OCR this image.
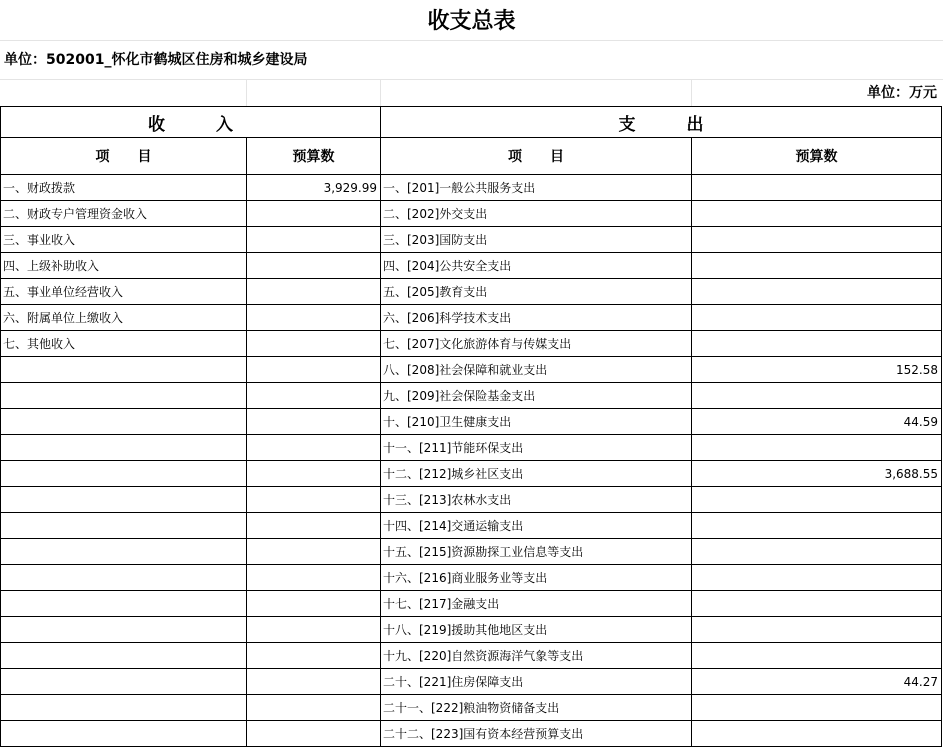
收支总表
单位：502001_怀化市鹤城区住房和城乡建设局
单位：万元
收　　　入		支　　　出	
项　　目	预算数	项　　目	预算数
一、财政拨款	3,929.99	一、[201]一般公共服务支出	
二、财政专户管理资金收入		二、[202]外交支出	
三、事业收入		三、[203]国防支出	
四、上级补助收入		四、[204]公共安全支出	
五、事业单位经营收入		五、[205]教育支出	
六、附属单位上缴收入		六、[206]科学技术支出	
七、其他收入		七、[207]文化旅游体育与传媒支出	
		八、[208]社会保障和就业支出	152.58
		九、[209]社会保险基金支出	
		十、[210]卫生健康支出	44.59
		十一、[211]节能环保支出	
		十二、[212]城乡社区支出	3,688.55
		十三、[213]农林水支出	
		十四、[214]交通运输支出	
		十五、[215]资源勘探工业信息等支出	
		十六、[216]商业服务业等支出	
		十七、[217]金融支出	
		十八、[219]援助其他地区支出	
		十九、[220]自然资源海洋气象等支出	
		二十、[221]住房保障支出	44.27
		二十一、[222]粮油物资储备支出	
		二十二、[223]国有资本经营预算支出	
